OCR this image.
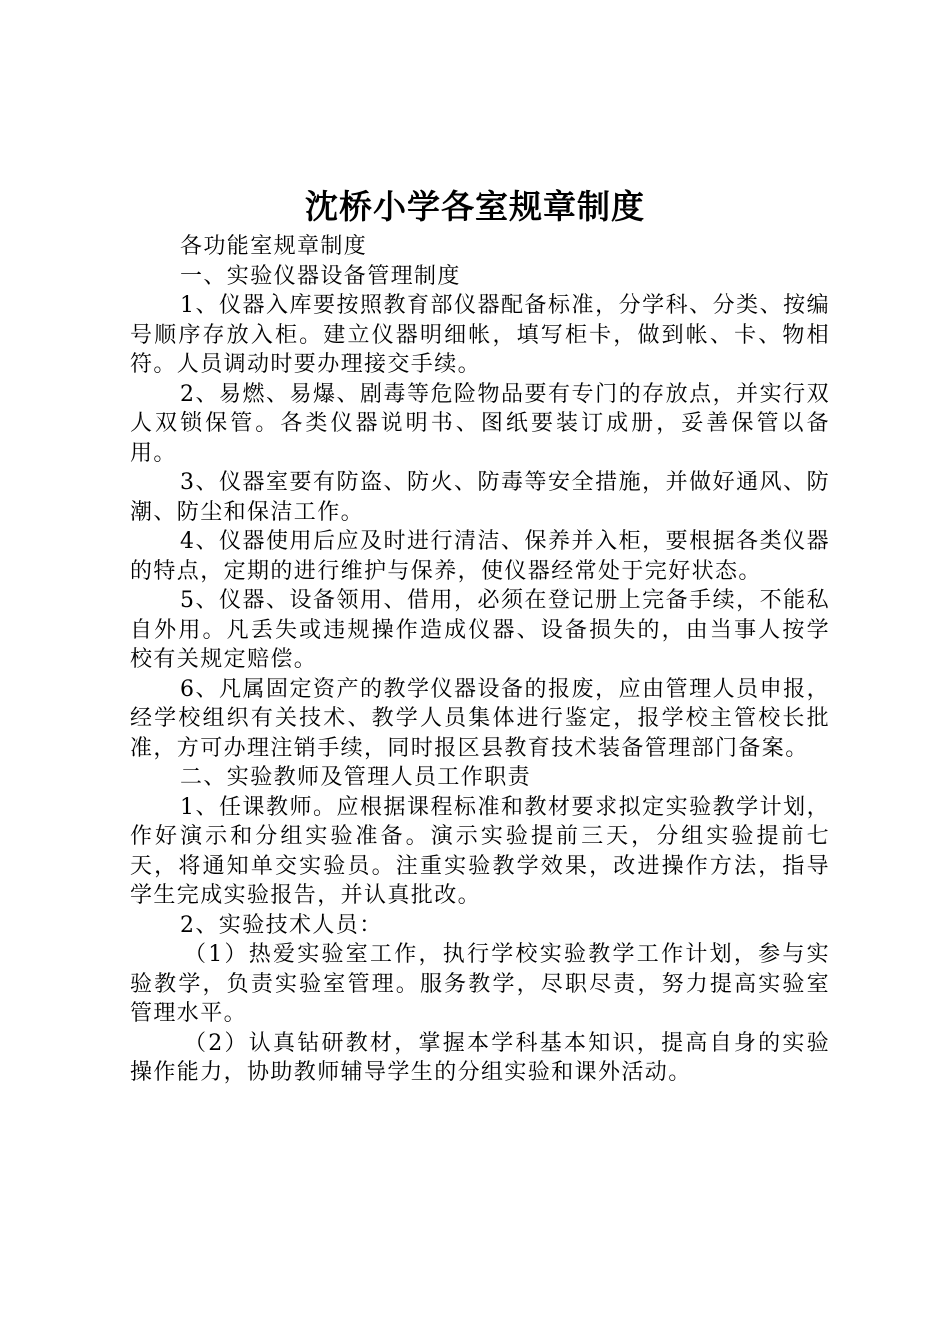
沈桥小学各室规章制度

各功能室规章制度

一、实验仪器设备管理制度

1、仪器入库要按照教育部仪器配备标准，分学科、分类、按编号顺序存放入柜。建立仪器明细帐，填写柜卡，做到帐、卡、物相符。人员调动时要办理接交手续。

2、易燃、易爆、剧毒等危险物品要有专门的存放点，并实行双人双锁保管。各类仪器说明书、图纸要装订成册，妥善保管以备用。

3、仪器室要有防盗、防火、防毒等安全措施，并做好通风、防潮、防尘和保洁工作。

4、仪器使用后应及时进行清洁、保养并入柜，要根据各类仪器的特点，定期的进行维护与保养，使仪器经常处于完好状态。

5、仪器、设备领用、借用，必须在登记册上完备手续，不能私自外用。凡丢失或违规操作造成仪器、设备损失的，由当事人按学校有关规定赔偿。

6、凡属固定资产的教学仪器设备的报废，应由管理人员申报，经学校组织有关技术、教学人员集体进行鉴定，报学校主管校长批准，方可办理注销手续，同时报区县教育技术装备管理部门备案。

二、实验教师及管理人员工作职责

1、任课教师。应根据课程标准和教材要求拟定实验教学计划，作好演示和分组实验准备。演示实验提前三天，分组实验提前七天，将通知单交实验员。注重实验教学效果，改进操作方法，指导学生完成实验报告，并认真批改。

2、实验技术人员：

（1）热爱实验室工作，执行学校实验教学工作计划，参与实验教学，负责实验室管理。服务教学，尽职尽责，努力提高实验室管理水平。

（2）认真钻研教材，掌握本学科基本知识，提高自身的实验操作能力，协助教师辅导学生的分组实验和课外活动。
